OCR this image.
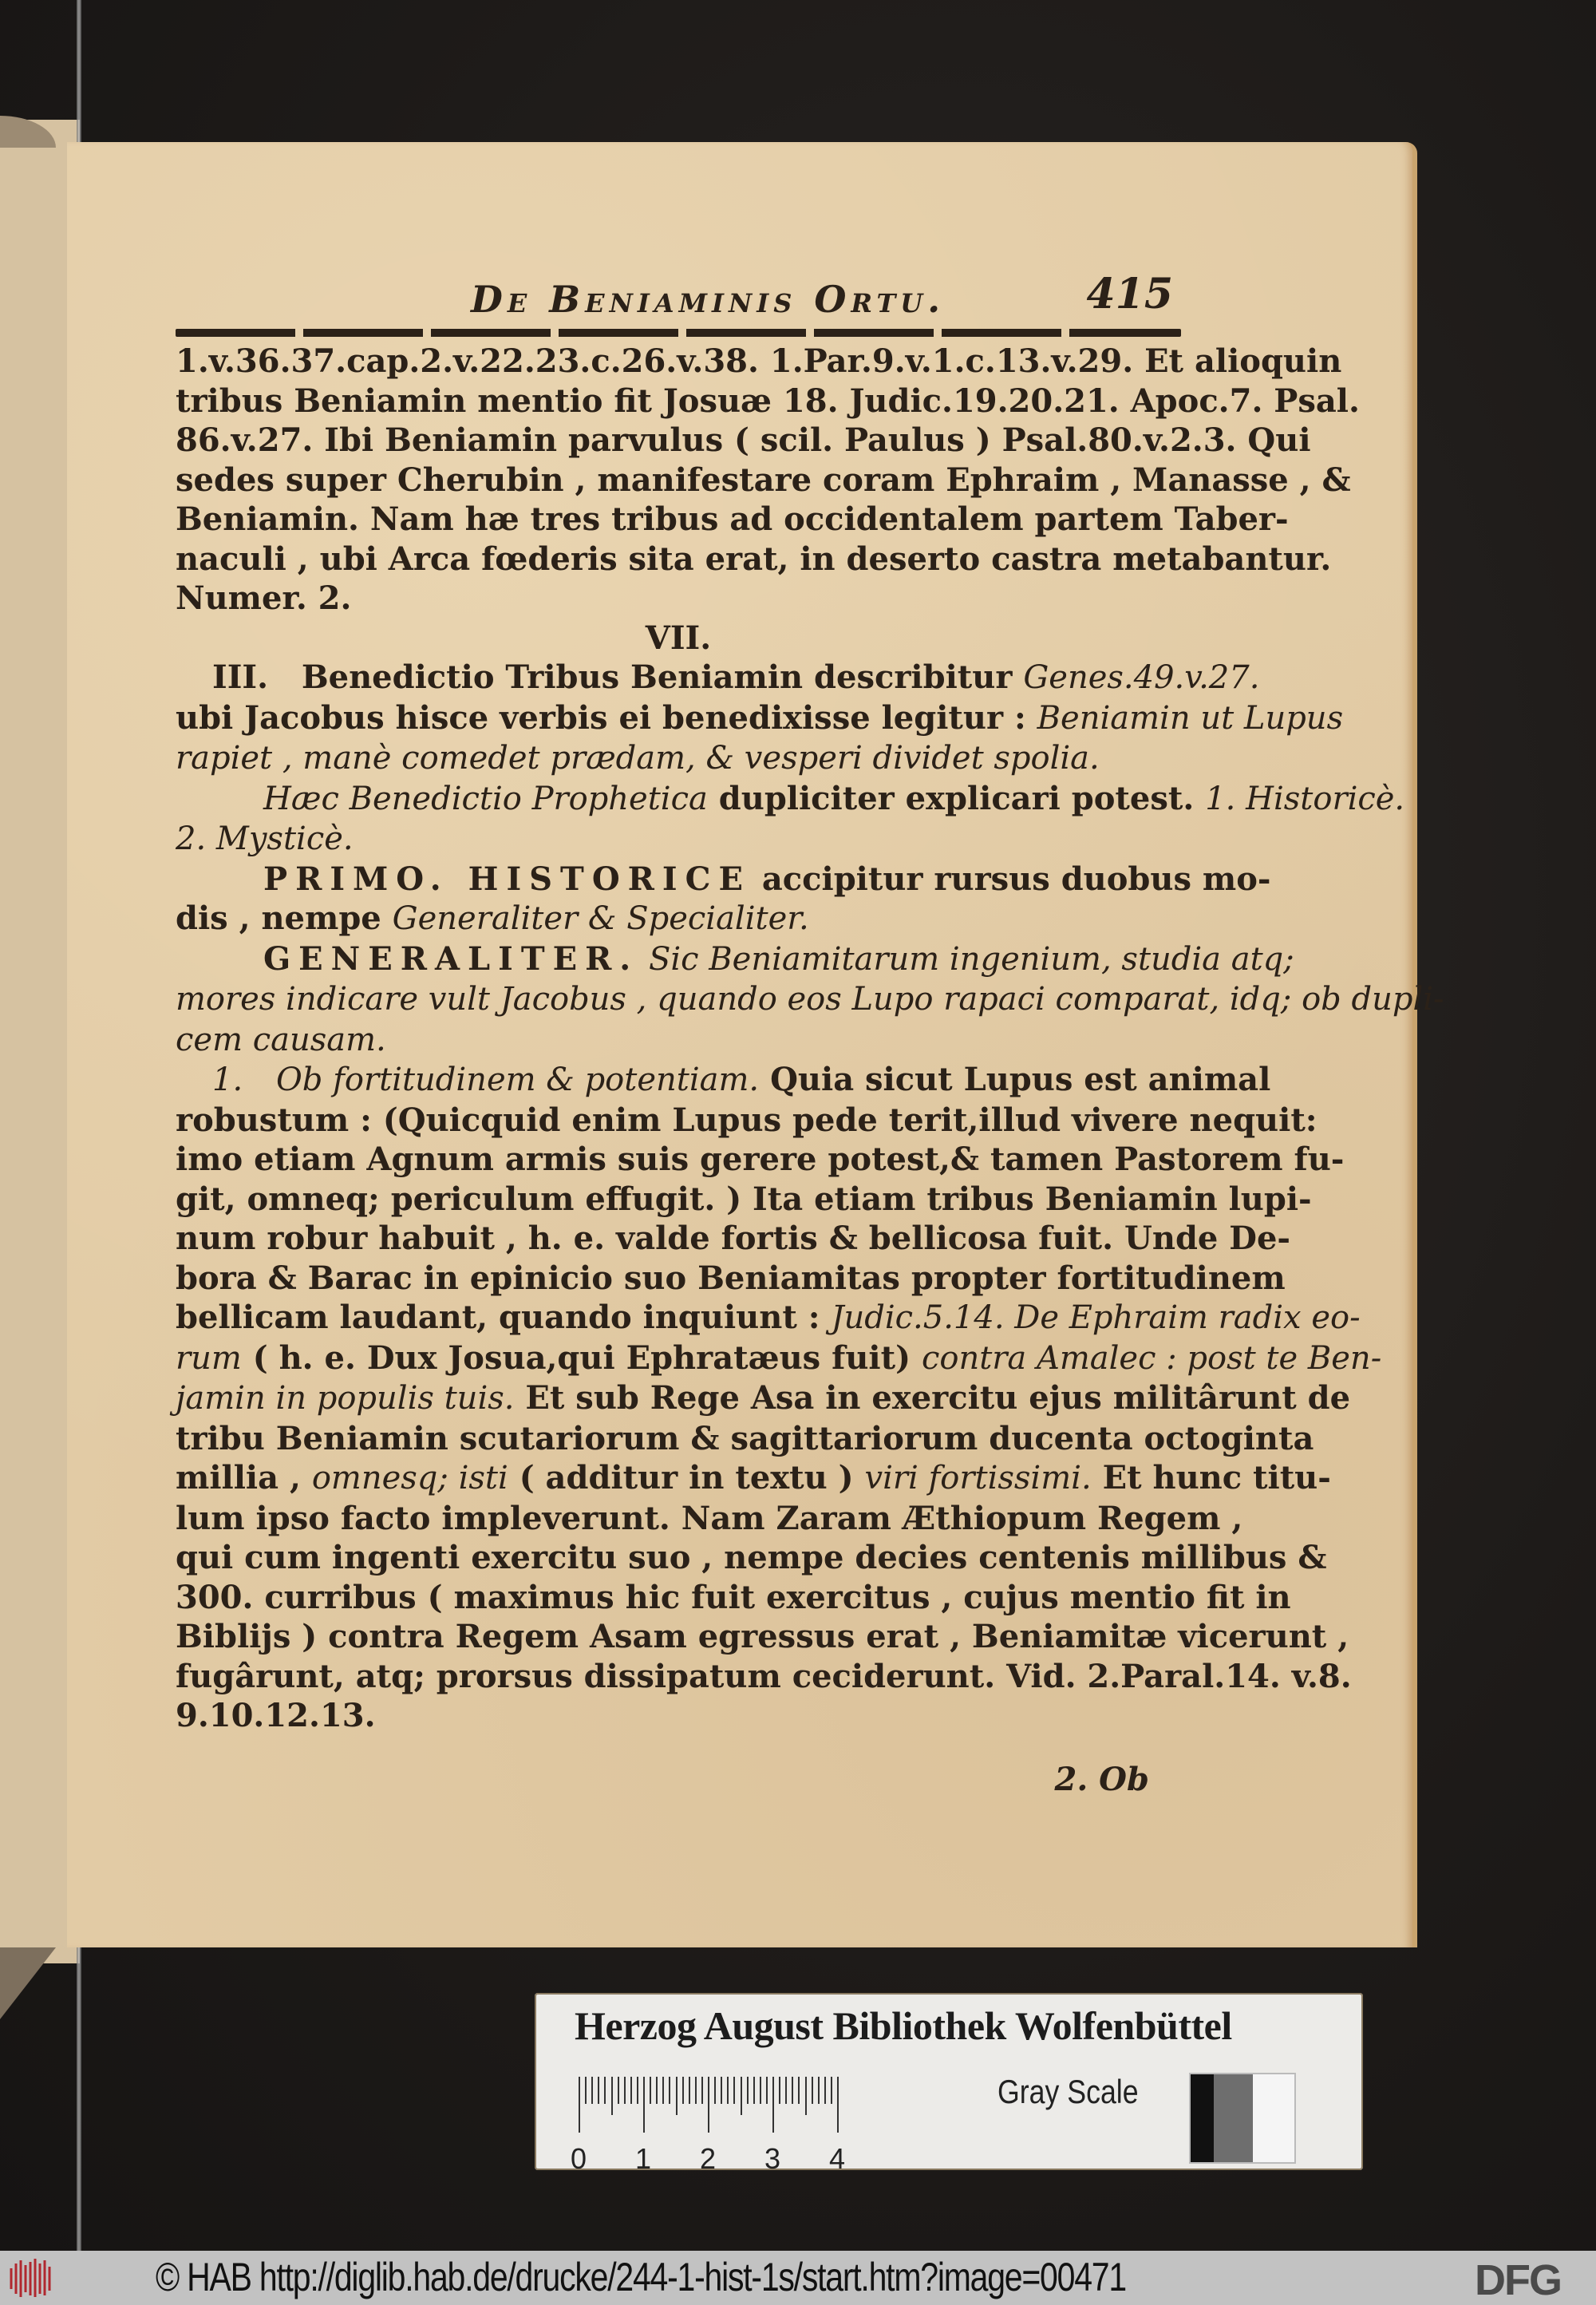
De Beniaminis Ortu.	415
1.v.36.37.cap.2.v.22.23.c.26.v.38. 1.Par.9.v.1.c.13.v.29. Et alioquin
tribus Beniamin mentio fit Josuæ 18. Judic.19.20.21. Apoc.7. Psal.
86.v.27. Ibi Beniamin parvulus ( scil. Paulus ) Psal.80.v.2.3. Qui
sedes super Cherubin , manifestare coram Ephraim , Manasse , &
Beniamin. Nam hæ tres tribus ad occidentalem partem Taber-
naculi , ubi Arca fœderis sita erat, in deserto castra metabantur.
Numer. 2.
VII.
III. Benedictio Tribus Beniamin describitur Genes.49.v.27.
ubi Jacobus hisce verbis ei benedixisse legitur : Beniamin ut Lupus
rapiet , manè comedet prædam, & vesperi dividet spolia.
Hæc Benedictio Prophetica dupliciter explicari potest. 1. Historicè.
2. Mysticè.
PRIMO. HISTORICE accipitur rursus duobus mo-
dis , nempe Generaliter & Specialiter.
GENERALITER. Sic Beniamitarum ingenium, studia atq;
mores indicare vult Jacobus , quando eos Lupo rapaci comparat, idq; ob dupli-
cem causam.
1. Ob fortitudinem & potentiam. Quia sicut Lupus est animal
robustum : (Quicquid enim Lupus pede terit,illud vivere nequit:
imo etiam Agnum armis suis gerere potest,& tamen Pastorem fu-
git, omneq; periculum effugit. ) Ita etiam tribus Beniamin lupi-
num robur habuit , h. e. valde fortis & bellicosa fuit. Unde De-
bora & Barac in epinicio suo Beniamitas propter fortitudinem
bellicam laudant, quando inquiunt : Judic.5.14. De Ephraim radix eo-
rum ( h. e. Dux Josua,qui Ephratæus fuit) contra Amalec : post te Ben-
jamin in populis tuis. Et sub Rege Asa in exercitu ejus militârunt de
tribu Beniamin scutariorum & sagittariorum ducenta octoginta
millia , omnesq; isti ( additur in textu ) viri fortissimi. Et hunc titu-
lum ipso facto impleverunt. Nam Zaram Æthiopum Regem ,
qui cum ingenti exercitu suo , nempe decies centenis millibus &
300. curribus ( maximus hic fuit exercitus , cujus mentio fit in
Biblijs ) contra Regem Asam egressus erat , Beniamitæ vicerunt ,
fugârunt, atq; prorsus dissipatum ceciderunt. Vid. 2.Paral.14. v.8.
9.10.12.13.
2. Ob
Herzog August Bibliothek Wolfenbüttel
0 1 2 3 4
Gray Scale
© HAB http://diglib.hab.de/drucke/244-1-hist-1s/start.htm?image=00471	DFG
